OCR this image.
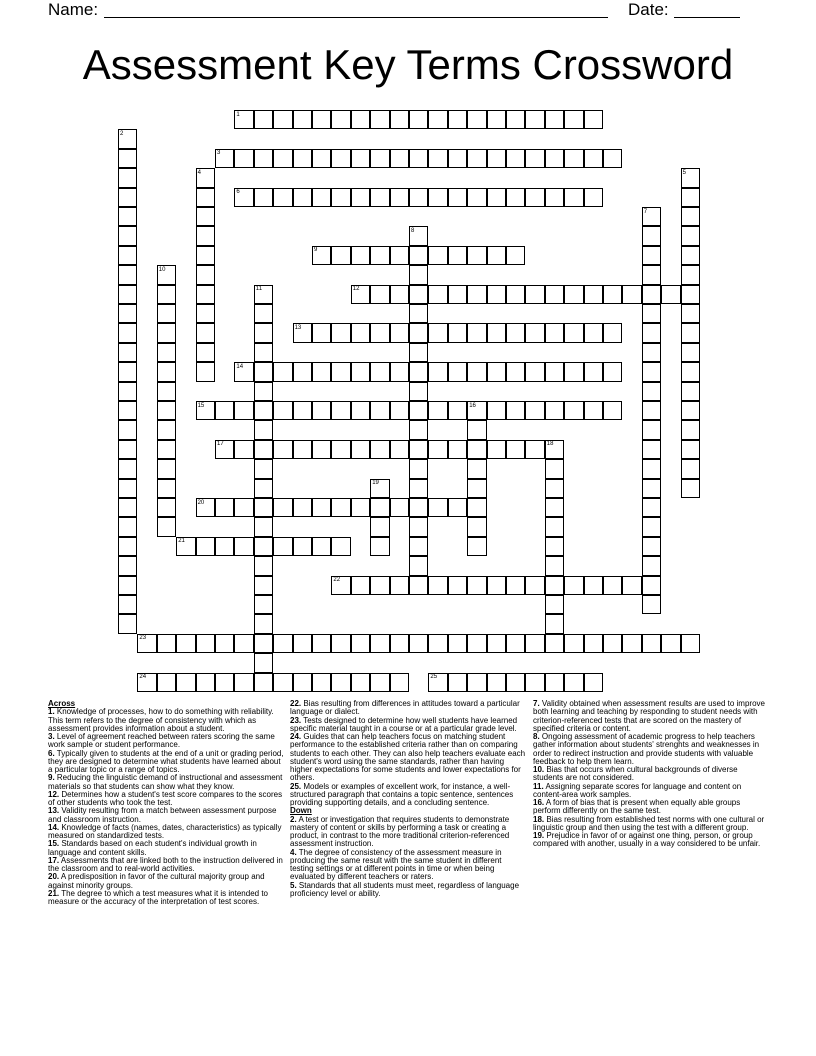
Name:	Date:
Assessment Key Terms Crossword
1
2
3
4	5
6
7
8
9
10
11	12
13
14
15	16
17	18
19
20
21
22
23
24	25

Across

1. Knowledge of processes, how to do something with reliability. This term refers to the degree of consistency with which as assessment provides information about a student.

3. Level of agreement reached between raters scoring the same work sample or student performance.

6. Typically given to students at the end of a unit or grading period, they are designed to determine what students have learned about a particular topic or a range of topics.

9. Reducing the linguistic demand of instructional and assessment materials so that students can show what they know.

12. Determines how a student's test score compares to the scores of other students who took the test.

13. Validity resulting from a match between assessment purpose and classroom instruction.

14. Knowledge of facts (names, dates, characteristics) as typically measured on standardized tests.

15. Standards based on each student's individual growth in language and content skills.

17. Assessments that are linked both to the instruction delivered in the classroom and to real-world activities.

20. A predisposition in favor of the cultural majority group and against minority groups.

21. The degree to which a test measures what it is intended to measure or the accuracy of the interpretation of test scores.

22. Bias resulting from differences in attitudes toward a particular language or dialect.

23. Tests designed to determine how well students have learned specific material taught in a course or at a particular grade level.

24. Guides that can help teachers focus on matching student performance to the established criteria rather than on comparing students to each other. They can also help teachers evaluate each student's word using the same standards, rather than having higher expectations for some students and lower expectations for others.

25. Models or examples of excellent work, for instance, a well-structured paragraph that contains a topic sentence, sentences providing supporting details, and a concluding sentence.

Down

2. A test or investigation that requires students to demonstrate mastery of content or skills by performing a task or creating a product, in contrast to the more traditional criterion-referenced assessment instruction.

4. The degree of consistency of the assessment measure in producing the same result with the same student in different testing settings or at different points in time or when being evaluated by different teachers or raters.

5. Standards that all students must meet, regardless of language proficiency level or ability.

7. Validity obtained when assessment results are used to improve both learning and teaching by responding to student needs with criterion-referenced tests that are scored on the mastery of specified criteria or content.

8. Ongoing assessment of academic progress to help teachers gather information about students' strenghts and weaknesses in order to redirect instruction and provide students with valuable feedback to help them learn.

10. Bias that occurs when cultural backgrounds of diverse students are not considered.

11. Assigning separate scores for language and content on content-area work samples.

16. A form of bias that is present when equally able groups perform differently on the same test.

18. Bias resulting from established test norms with one cultural or linguistic group and then using the test with a different group.

19. Prejudice in favor of or against one thing, person, or group compared with another, usually in a way considered to be unfair.
